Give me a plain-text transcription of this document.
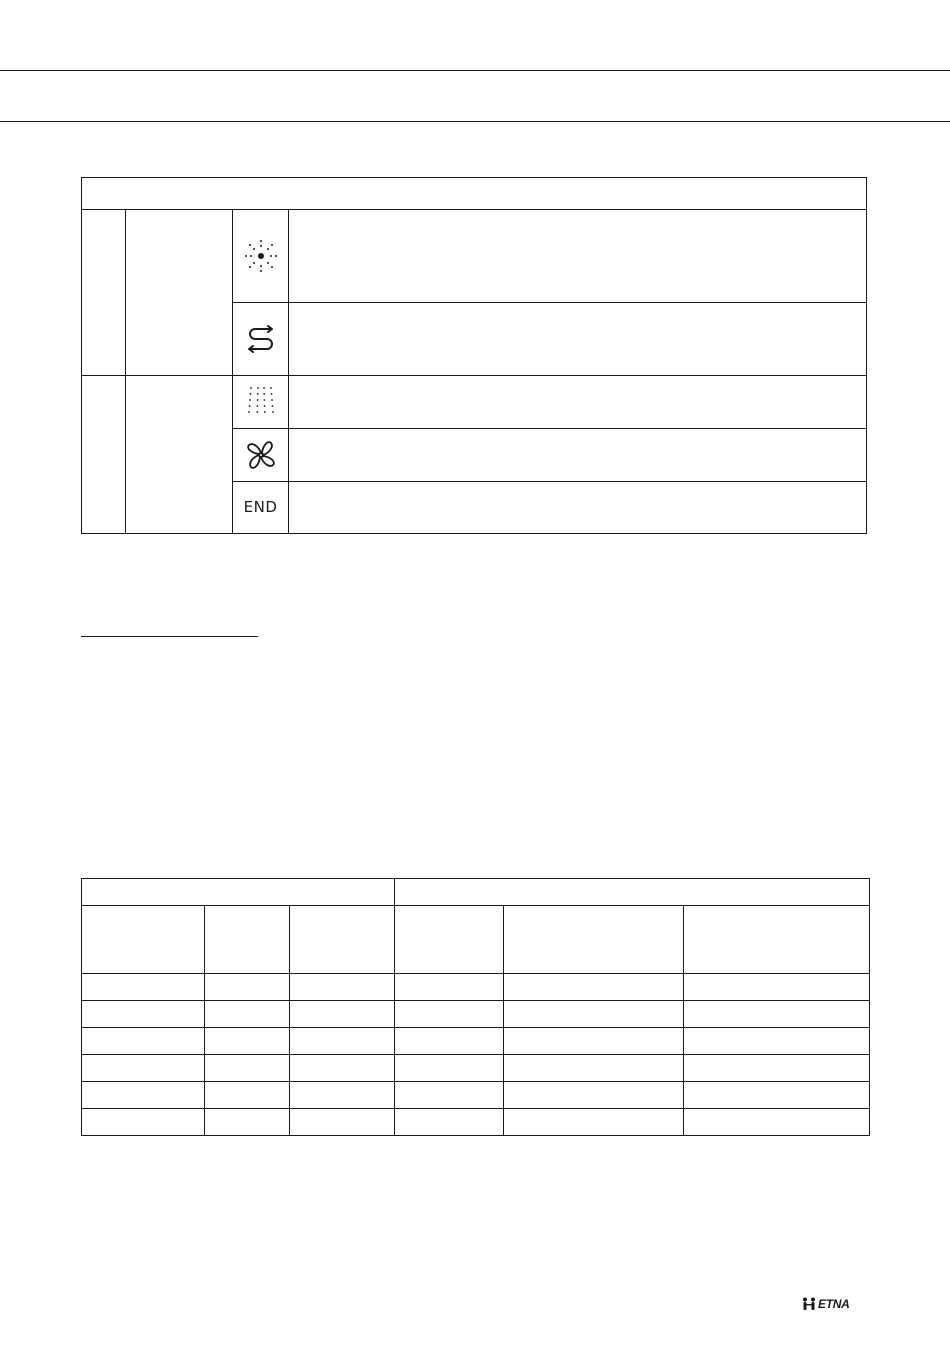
		END	

ETNA
